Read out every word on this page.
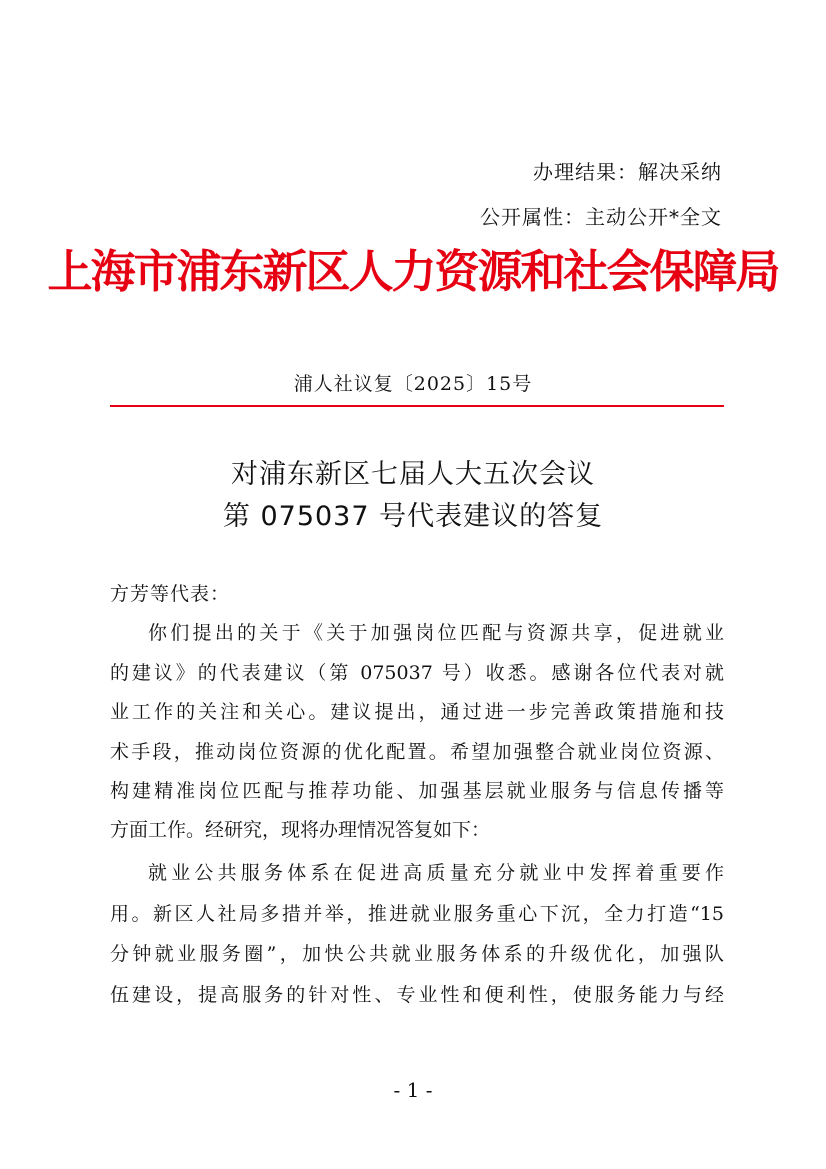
办理结果：解决采纳
公开属性：主动公开*全文
上海市浦东新区人力资源和社会保障局
浦人社议复〔2025〕15号
对浦东新区七届人大五次会议
第 075037 号代表建议的答复
方芳等代表：
你们提出的关于《关于加强岗位匹配与资源共享，促进就业
的建议》的代表建议（第 075037 号）收悉。感谢各位代表对就
业工作的关注和关心。建议提出，通过进一步完善政策措施和技
术手段，推动岗位资源的优化配置。希望加强整合就业岗位资源、
构建精准岗位匹配与推荐功能、加强基层就业服务与信息传播等
方面工作。经研究，现将办理情况答复如下：
就业公共服务体系在促进高质量充分就业中发挥着重要作
用。新区人社局多措并举，推进就业服务重心下沉，全力打造“15
分钟就业服务圈”，加快公共就业服务体系的升级优化，加强队
伍建设，提高服务的针对性、专业性和便利性，使服务能力与经
- 1 -
